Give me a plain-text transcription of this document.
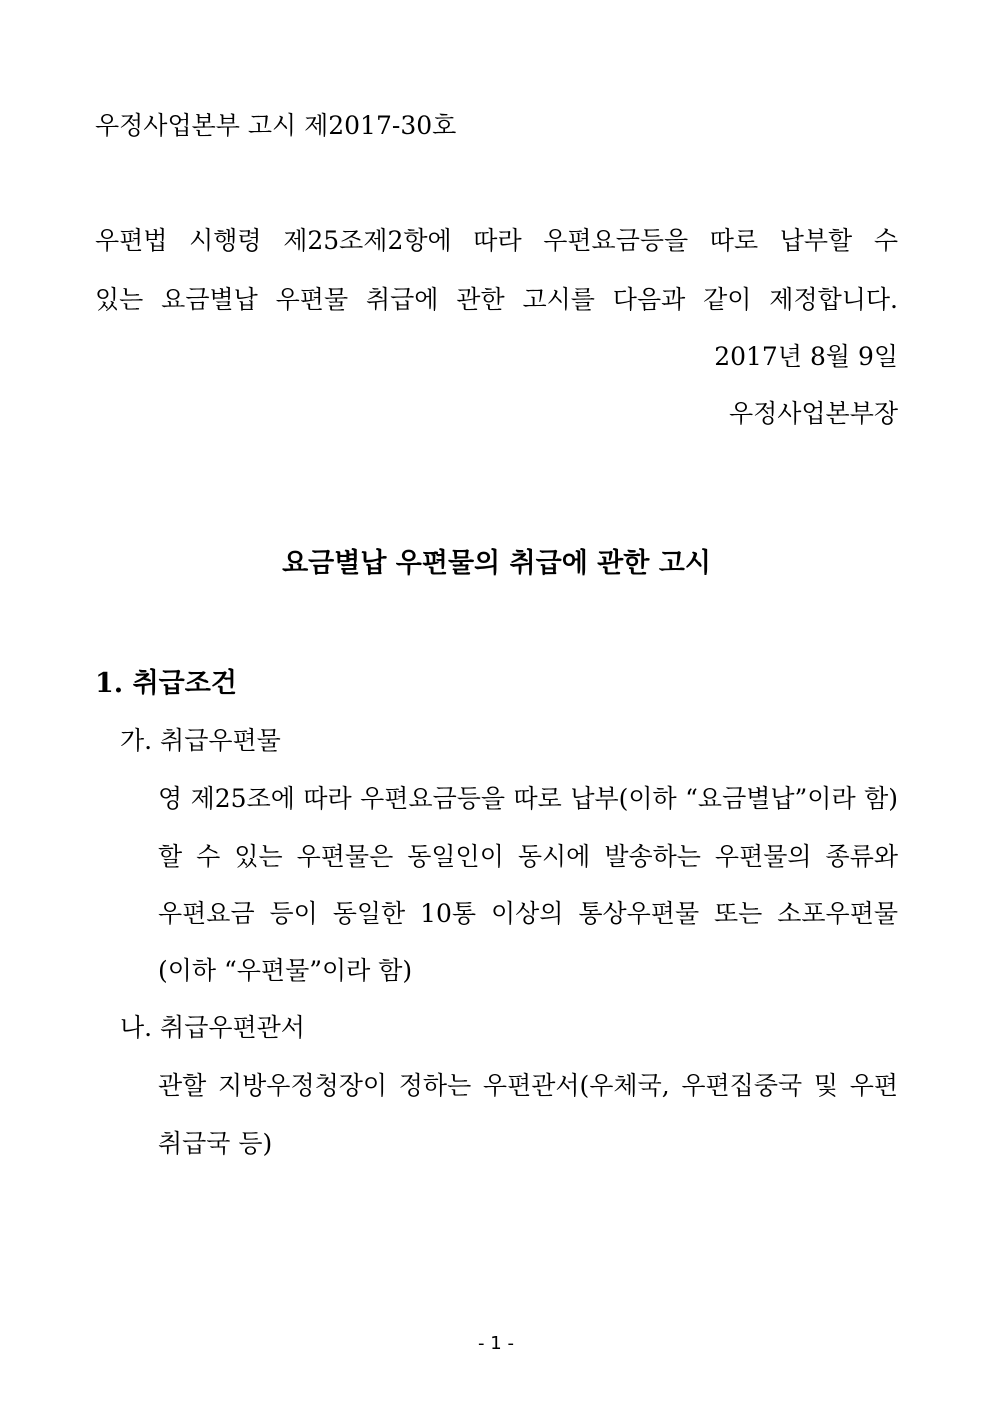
우정사업본부 고시 제2017-30호
우편법 시행령 제25조제2항에 따라 우편요금등을 따로 납부할 수
있는 요금별납 우편물 취급에 관한 고시를 다음과 같이 제정합니다.
2017년 8월 9일
우정사업본부장
요금별납 우편물의 취급에 관한 고시
1. 취급조건
가. 취급우편물
영 제25조에 따라 우편요금등을 따로 납부(이하 “요금별납”이라 함)
할 수 있는 우편물은 동일인이 동시에 발송하는 우편물의 종류와
우편요금 등이 동일한 10통 이상의 통상우편물 또는 소포우편물
(이하 “우편물”이라 함)
나. 취급우편관서
관할 지방우정청장이 정하는 우편관서(우체국, 우편집중국 및 우편
취급국 등)
- 1 -
